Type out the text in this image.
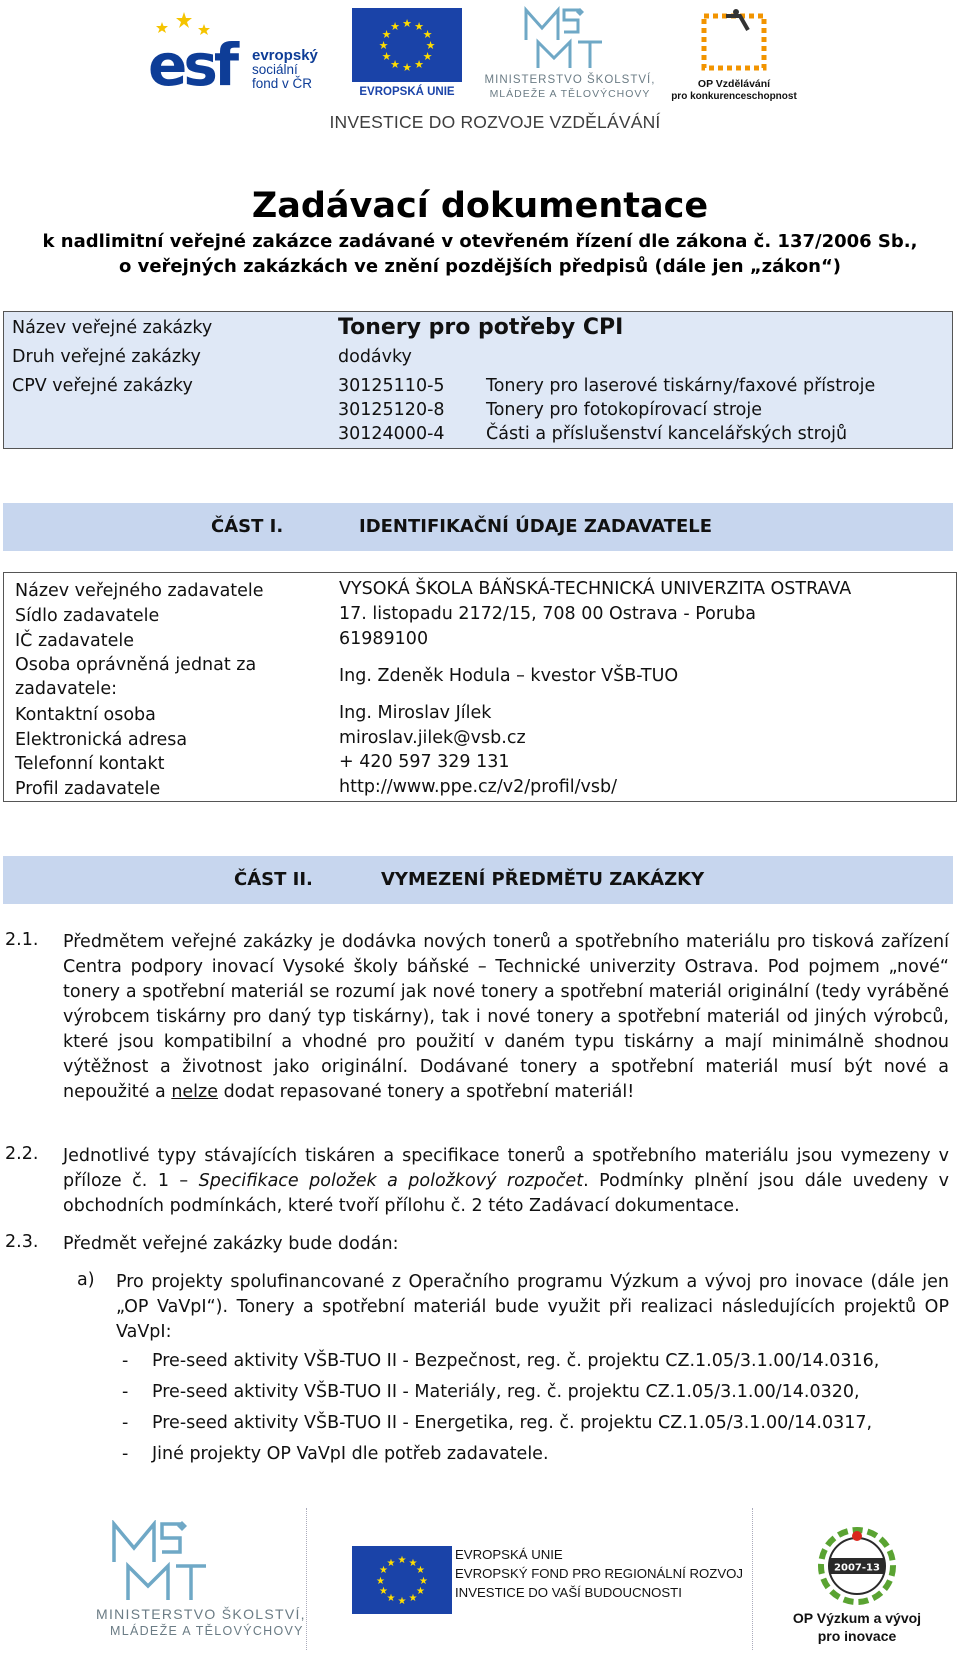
esf evropský
sociální
fond v ČR
★ ★
★
★
★
★
★
★
★
★
★
★
EVROPSKÁ UNIE
MINISTERSTVO ŠKOLSTVÍ,
MLÁDEŽE A TĚLOVÝCHOVY
OP Vzdělávání
pro konkurenceschopnost
INVESTICE DO ROZVOJE VZDĚLÁVÁNÍ
Zadávací dokumentace
k nadlimitní veřejné zakázce zadávané v otevřeném řízení dle zákona č. 137/2006 Sb.,
o veřejných zakázkách ve znění pozdějších předpisů (dále jen „zákon“)
Název veřejné zakázky	Tonery pro potřeby CPI
Druh veřejné zakázky	dodávky
CPV veřejné zakázky	30125110-5 Tonery pro laserové tiskárny/faxové přístroje
30125120-8 Tonery pro fotokopírovací stroje
30124000-4 Části a příslušenství kancelářských strojů
ČÁST I.	IDENTIFIKAČNÍ ÚDAJE ZADAVATELE
Název veřejného zadavatele	VYSOKÁ ŠKOLA BÁŇSKÁ-TECHNICKÁ UNIVERZITA OSTRAVA
Sídlo zadavatele	17. listopadu 2172/15, 708 00 Ostrava - Poruba
IČ zadavatele	61989100
Osoba oprávněná jednat za
zadavatele:
Ing. Zdeněk Hodula – kvestor VŠB-TUO
Kontaktní osoba	Ing. Miroslav Jílek
Elektronická adresa	miroslav.jilek@vsb.cz
Telefonní kontakt	+ 420 597 329 131
Profil zadavatele	http://www.ppe.cz/v2/profil/vsb/
ČÁST II.	VYMEZENÍ PŘEDMĚTU ZAKÁZKY
2.1. Předmětem veřejné zakázky je dodávka nových tonerů a spotřebního materiálu pro tisková zařízení Centra podpory inovací Vysoké školy báňské – Technické univerzity Ostrava. Pod pojmem „nové“ tonery a spotřební materiál se rozumí jak nové tonery a spotřební materiál originální (tedy vyráběné výrobcem tiskárny pro daný typ tiskárny), tak i nové tonery a spotřební materiál od jiných výrobců, které jsou kompatibilní a vhodné pro použití v daném typu tiskárny a mají minimálně shodnou výtěžnost a životnost jako originální. Dodávané tonery a spotřební materiál musí být nové a nepoužité a nelze dodat repasované tonery a spotřební materiál!
2.2. Jednotlivé typy stávajících tiskáren a specifikace tonerů a spotřebního materiálu jsou vymezeny v příloze č. 1 – Specifikace položek a položkový rozpočet. Podmínky plnění jsou dále uvedeny v obchodních podmínkách, které tvoří přílohu č. 2 této Zadávací dokumentace.
2.3. Předmět veřejné zakázky bude dodán:
a) Pro projekty spolufinancované z Operačního programu Výzkum a vývoj pro inovace (dále jen „OP VaVpI“). Tonery a spotřební materiál bude využit při realizaci následujících projektů OP VaVpI:
- Pre-seed aktivity VŠB-TUO II - Bezpečnost, reg. č. projektu CZ.1.05/3.1.00/14.0316,
- Pre-seed aktivity VŠB-TUO II - Materiály, reg. č. projektu CZ.1.05/3.1.00/14.0320,
- Pre-seed aktivity VŠB-TUO II - Energetika, reg. č. projektu CZ.1.05/3.1.00/14.0317,
- Jiné projekty OP VaVpI dle potřeb zadavatele.
MINISTERSTVO ŠKOLSTVÍ,
MLÁDEŽE A TĚLOVÝCHOVY
★ ★
★
★
★
★
★
★
★
★
★
★
EVROPSKÁ UNIE
EVROPSKÝ FOND PRO REGIONÁLNÍ ROZVOJ
INVESTICE DO VAŠÍ BUDOUCNOSTI
2007-13
OP Výzkum a vývoj
pro inovace
